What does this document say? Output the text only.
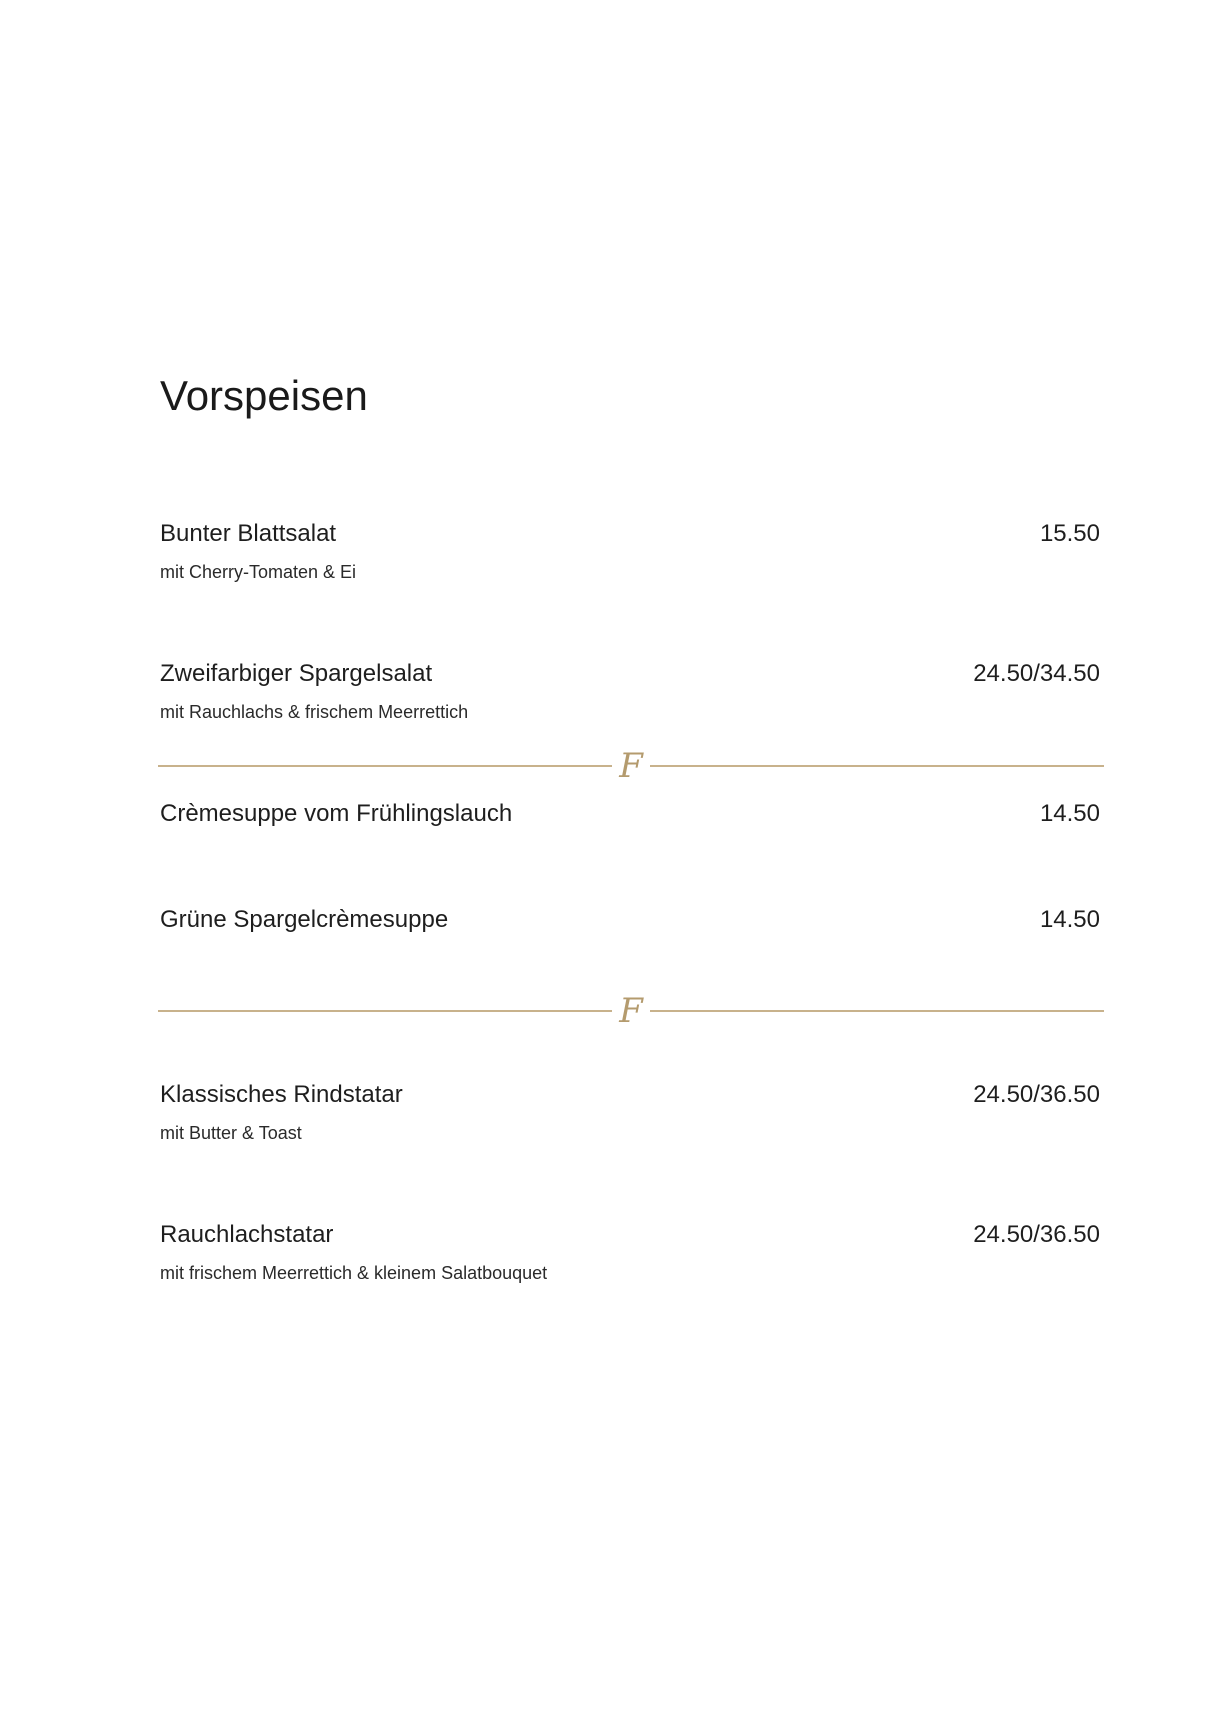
Vorspeisen
Bunter Blattsalat	15.50
mit Cherry-Tomaten & Ei
Zweifarbiger Spargelsalat	24.50/34.50
mit Rauchlachs & frischem Meerrettich
F
Crèmesuppe vom Frühlingslauch	14.50
Grüne Spargelcrèmesuppe	14.50
F
Klassisches Rindstatar	24.50/36.50
mit Butter & Toast
Rauchlachstatar	24.50/36.50
mit frischem Meerrettich & kleinem Salatbouquet
